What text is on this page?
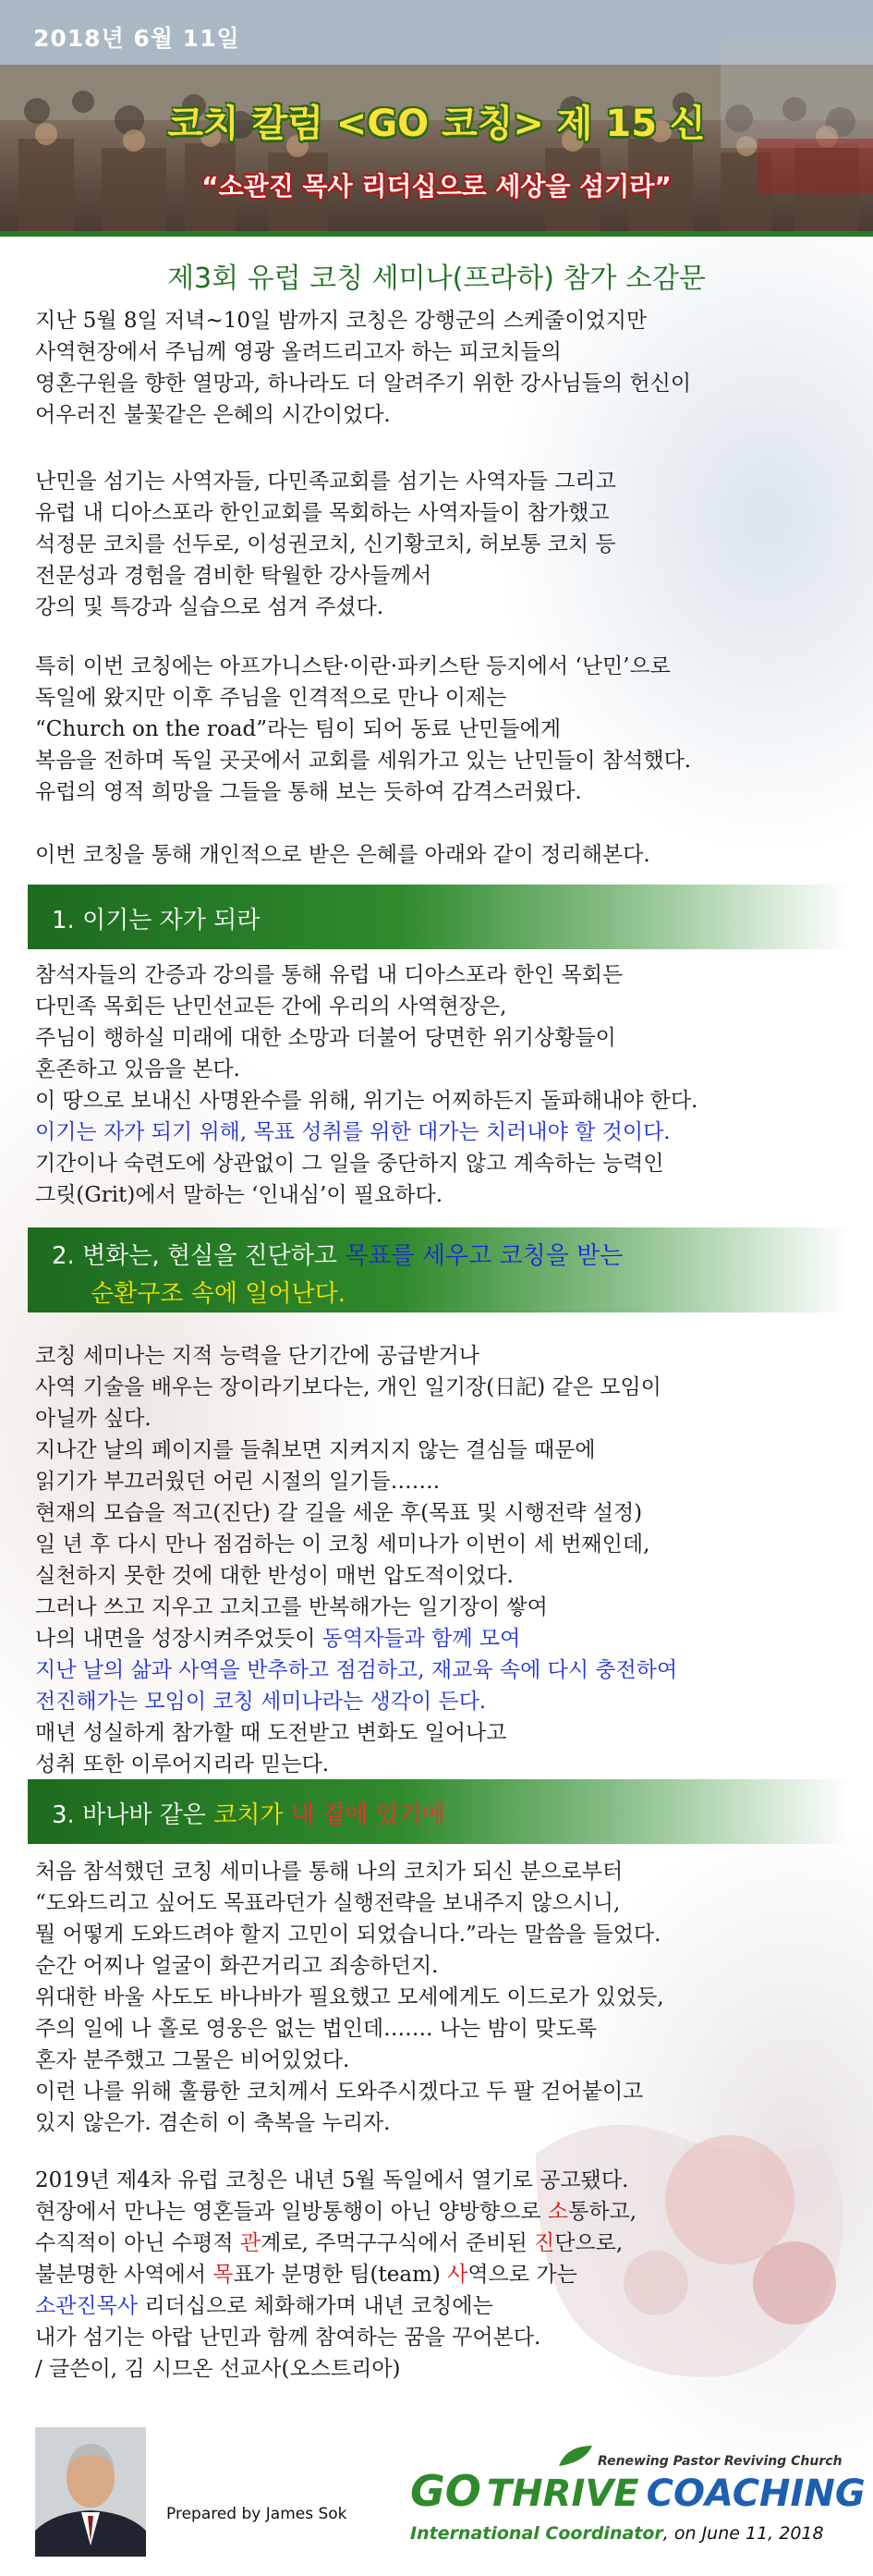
2018년 6월 11일
코치 칼럼 <GO 코칭> 제 15 신
“소관진 목사 리더십으로 세상을 섬기라”
제3회 유럽 코칭 세미나(프라하) 참가 소감문
지난 5월 8일 저녁~10일 밤까지 코칭은 강행군의 스케줄이었지만
사역현장에서 주님께 영광 올려드리고자 하는 피코치들의
영혼구원을 향한 열망과, 하나라도 더 알려주기 위한 강사님들의 헌신이
어우러진 불꽃같은 은혜의 시간이었다.
난민을 섬기는 사역자들, 다민족교회를 섬기는 사역자들 그리고
유럽 내 디아스포라 한인교회를 목회하는 사역자들이 참가했고
석정문 코치를 선두로, 이성권코치, 신기황코치, 허보통 코치 등
전문성과 경험을 겸비한 탁월한 강사들께서
강의 및 특강과 실습으로 섬겨 주셨다.
특히 이번 코칭에는 아프가니스탄·이란·파키스탄 등지에서 ‘난민’으로
독일에 왔지만 이후 주님을 인격적으로 만나 이제는
“Church on the road”라는 팀이 되어 동료 난민들에게
복음을 전하며 독일 곳곳에서 교회를 세워가고 있는 난민들이 참석했다.
유럽의 영적 희망을 그들을 통해 보는 듯하여 감격스러웠다.
이번 코칭을 통해 개인적으로 받은 은혜를 아래와 같이 정리해본다.
1. 이기는 자가 되라
참석자들의 간증과 강의를 통해 유럽 내 디아스포라 한인 목회든
다민족 목회든 난민선교든 간에 우리의 사역현장은,
주님이 행하실 미래에 대한 소망과 더불어 당면한 위기상황들이
혼존하고 있음을 본다.
이 땅으로 보내신 사명완수를 위해, 위기는 어찌하든지 돌파해내야 한다.
이기는 자가 되기 위해, 목표 성취를 위한 대가는 치러내야 할 것이다.
기간이나 숙련도에 상관없이 그 일을 중단하지 않고 계속하는 능력인
그릿(Grit)에서 말하는 ‘인내심’이 필요하다.
2. 변화는, 현실을 진단하고 목표를 세우고 코칭을 받는
순환구조 속에 일어난다.
코칭 세미나는 지적 능력을 단기간에 공급받거나
사역 기술을 배우는 장이라기보다는, 개인 일기장(日記) 같은 모임이
아닐까 싶다.
지나간 날의 페이지를 들춰보면 지켜지지 않는 결심들 때문에
읽기가 부끄러웠던 어린 시절의 일기들…….
현재의 모습을 적고(진단) 갈 길을 세운 후(목표 및 시행전략 설정)
일 년 후 다시 만나 점검하는 이 코칭 세미나가 이번이 세 번째인데,
실천하지 못한 것에 대한 반성이 매번 압도적이었다.
그러나 쓰고 지우고 고치고를 반복해가는 일기장이 쌓여
나의 내면을 성장시켜주었듯이 동역자들과 함께 모여
지난 날의 삶과 사역을 반추하고 점검하고, 재교육 속에 다시 충전하여
전진해가는 모임이 코칭 세미나라는 생각이 든다.
매년 성실하게 참가할 때 도전받고 변화도 일어나고
성취 또한 이루어지리라 믿는다.
3. 바나바 같은 코치가 내 곁에 있기에
처음 참석했던 코칭 세미나를 통해 나의 코치가 되신 분으로부터
“도와드리고 싶어도 목표라던가 실행전략을 보내주지 않으시니,
뭘 어떻게 도와드려야 할지 고민이 되었습니다.”라는 말씀을 들었다.
순간 어찌나 얼굴이 화끈거리고 죄송하던지.
위대한 바울 사도도 바나바가 필요했고 모세에게도 이드로가 있었듯,
주의 일에 나 홀로 영웅은 없는 법인데……. 나는 밤이 맞도록
혼자 분주했고 그물은 비어있었다.
이런 나를 위해 훌륭한 코치께서 도와주시겠다고 두 팔 걷어붙이고
있지 않은가. 겸손히 이 축복을 누리자.
2019년 제4차 유럽 코칭은 내년 5월 독일에서 열기로 공고됐다.
현장에서 만나는 영혼들과 일방통행이 아닌 양방향으로 소통하고,
수직적이 아닌 수평적 관계로, 주먹구구식에서 준비된 진단으로,
불분명한 사역에서 목표가 분명한 팀(team) 사역으로 가는
소관진목사 리더십으로 체화해가며 내년 코칭에는
내가 섬기는 아랍 난민과 함께 참여하는 꿈을 꾸어본다.
/ 글쓴이, 김 시므온 선교사(오스트리아)
Prepared by James Sok
Renewing Pastor Reviving Church
GO THRIVE COACHING
International Coordinator, on June 11, 2018
